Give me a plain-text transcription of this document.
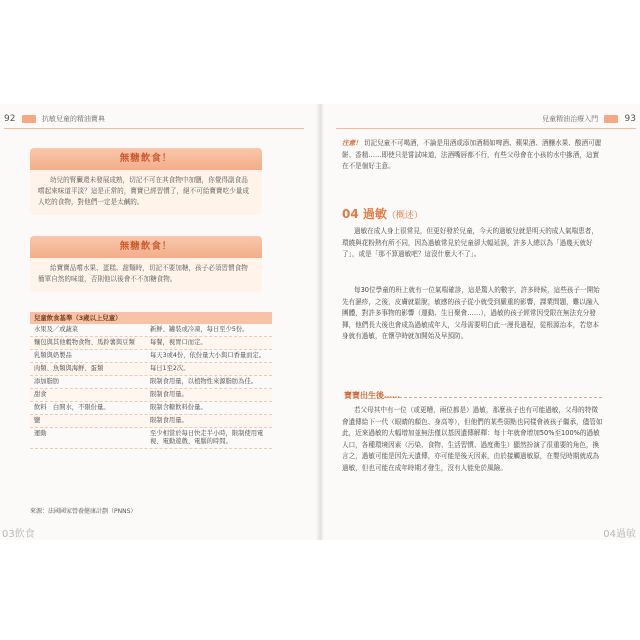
92	抗敏兒童的精油寶典
無糖飲食！
幼兒的腎臟還未發展成熟，切記不可在其食物中加鹽，你覺得副食品嚐起來味道平淡？這是正常的，寶寶已經習慣了，絕不可給寶寶吃少量成人吃的食物，對他們一定是太鹹的。
無糖飲食！
給寶寶品嚐水果、蛋糕、甜麵時，切記不要加糖，孩子必須習慣食物簡單自然的味道，否則他以後會不不加糖食物。
兒童飲食基準（3歲以上兒童）
水果及／或蔬菜	新鮮、罐裝或冷凍，每日至少5份。
麵包與其他穀物食物、馬鈴薯與豆類	每餐，視胃口而定。
乳類與奶製品	每天3或4份，依份量大小與口香量而定。
肉類、魚類與海鮮、蛋類	每日1至2次。
添加脂肪	限制食用量，以植物性來源脂肪為佳。
甜食	限制食用量。
飲料　白開水，不限份量。	限制含糖飲料份量。
鹽	限制食用量。
運動	至少相當於每日快走半小時，限制使用電視、電動遊戲、電腦的時間。
來源：法國國家營養健康計劃（PNNS）
03飲食
兒童精油治療入門	93
注意！ 切記兒童不可喝酒，不論是用酒或添加酒精如啤酒、蘋果酒、酒釀水果、酸酒可麗餅、香精……即使只是嘗試味道，法酒嘴唇都不行，有些父母會在小孩的水中摻酒，這實在不是個好主意。
04 過敏（概述）
過敏在成人身上很常見，但更好發於兒童，今天的過敏兒就是明天的成人氣喘患者，環繞與花粉熱有所不同，因為過敏常見於兒童卻大幅延誤，許多人總以為「過幾天就好了」，或是「那不算過敏吧？這沒什麼大不了」。
每30位學童的班上就有一位氣喘確診，這是驚人的數字，許多時候，這些孩子一開始先有濕疹，之後，皮膚就鬆脫，敏感的孩子從小就受到嚴重的影響，課業問題，難以融入團體，對許多事物的影響（運動、生日聚會……），過敏的孩子經常因受限在無法充分發揮，他們長大後也會成為過敏成年人，父母需要明白此一漫長過程，從根源治本，若您本身就有過敏，在懷孕時就加開始及早預防。
寶寶出生後……
若父母其中有一位（或更糟，兩位都是）過敏，那麼孩子也有可能過敏，父母的特徵會遺傳給下一代（眼睛的顏色、身高等），但他們的某些弱點也同樣會被孩子繼承，儘管如此，近來過敏的大幅增加並無法僅以基因遺傳解釋：每十年就會增加50%至100%的過敏人口，各種環境因素（污染、食物、生活習慣、過度衛生）顯然扮演了很重要的角色，換言之，過敏可能是因先天遺傳，亦可能是後天因素，由於接觸過敏原，在嬰兒時期就成為過敏，但也可能在成年時期才發生，沒有人能免於風險。
04過敏
